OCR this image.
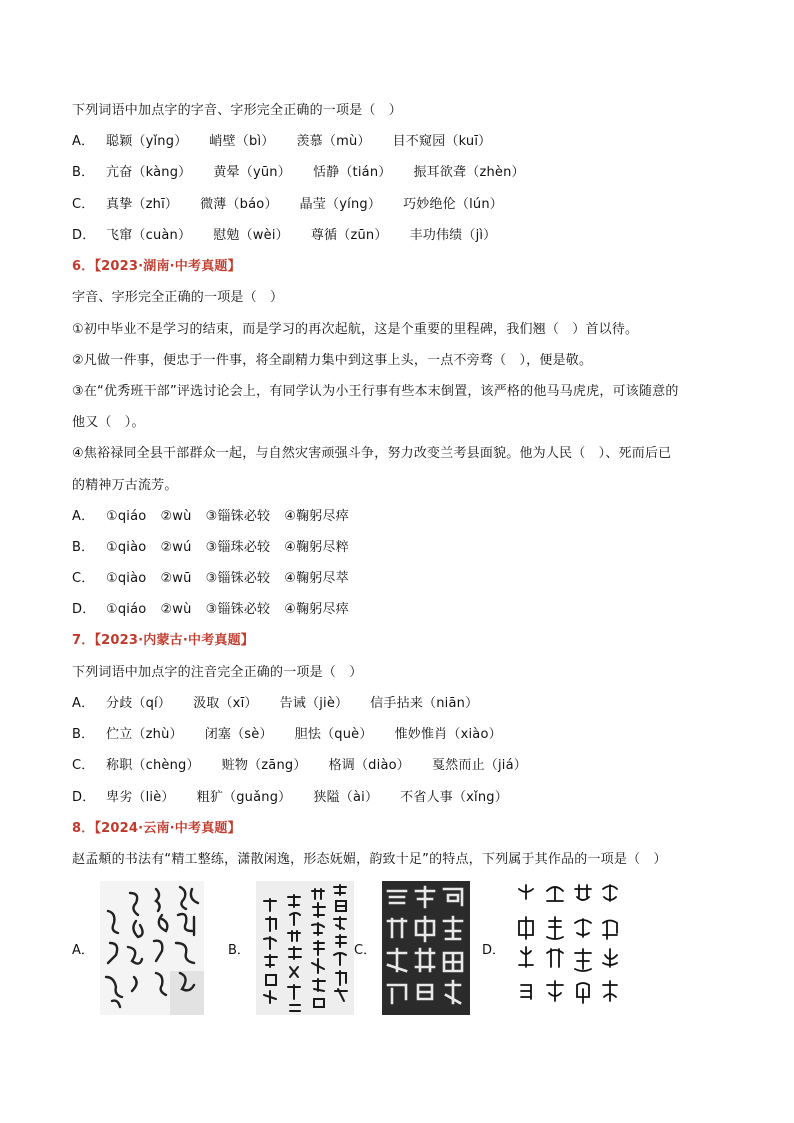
下列词语中加点字的字音、字形完全正确的一项是（　）
A． 聪颖（yǐng） 峭壁（bì） 羡慕（mù） 目不窥园（kuī）
B． 亢奋（kàng） 黄晕（yūn） 恬静（tián） 振耳欲聋（zhèn）
C． 真挚（zhī） 微薄（báo） 晶莹（yíng） 巧妙绝伦（lún）
D． 飞窜（cuàn） 慰勉（wèi） 尊循（zūn） 丰功伟绩（jì）
6．【2023·湖南·中考真题】
字音、字形完全正确的一项是（　）
①初中毕业不是学习的结束，而是学习的再次起航，这是个重要的里程碑，我们翘（　）首以待。
②凡做一件事，便忠于一件事，将全副精力集中到这事上头，一点不旁骛（　），便是敬。
③在“优秀班干部”评选讨论会上，有同学认为小王行事有些本末倒置，该严格的他马马虎虎，可该随意的
他又（　）。
④焦裕禄同全县干部群众一起，与自然灾害顽强斗争，努力改变兰考县面貌。他为人民（　）、死而后已
的精神万古流芳。
A． ①qiáo ②wù ③锱铢必较 ④鞠躬尽瘁
B． ①qiào ②wú ③锱珠必较 ④鞠躬尽粹
C． ①qiào ②wū ③锱铢必较 ④鞠躬尽萃
D． ①qiáo ②wù ③锱铢必较 ④鞠躬尽瘁
7．【2023·内蒙古·中考真题】
下列词语中加点字的注音完全正确的一项是（　）
A． 分歧（qí） 汲取（xī） 告诫（jiè） 信手拈来（niān）
B． 伫立（zhù） 闭塞（sè） 胆怯（què） 惟妙惟肖（xiào）
C． 称职（chèng） 赃物（zāng） 格调（diào） 戛然而止（jiá）
D． 卑劣（liè） 粗犷（guǎng） 狭隘（ài） 不省人事（xǐng）
8．【2024·云南·中考真题】
赵孟頫的书法有“精工整练，潇散闲逸，形态妩媚，韵致十足”的特点，下列属于其作品的一项是（　）
A．	B．	C．	D．
